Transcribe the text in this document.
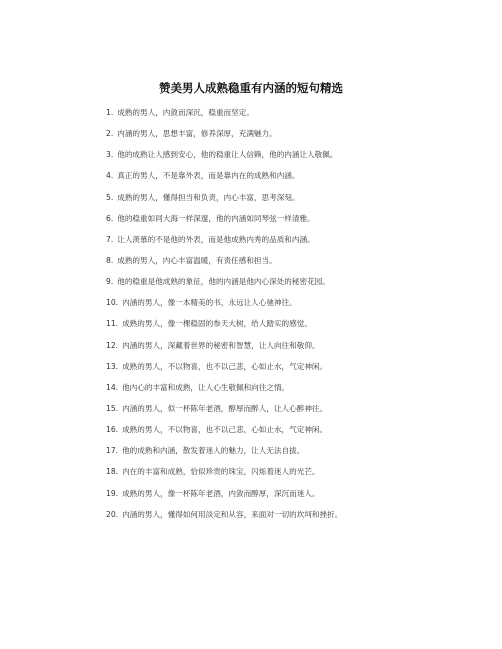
赞美男人成熟稳重有内涵的短句精选
1. 成熟的男人，内敛而深沉，稳重而坚定。
2. 内涵的男人，思想丰富，修养深厚，充满魅力。
3. 他的成熟让人感到安心，他的稳重让人信赖，他的内涵让人敬佩。
4. 真正的男人，不是靠外表，而是靠内在的成熟和内涵。
5. 成熟的男人，懂得担当和负责，内心丰富，思考深刻。
6. 他的稳重如同大海一样深邃，他的内涵如同琴弦一样清雅。
7. 让人羡慕的不是他的外表，而是他成熟内秀的品质和内涵。
8. 成熟的男人，内心丰富温暖，有责任感和担当。
9. 他的稳重是他成熟的象征，他的内涵是他内心深处的秘密花园。
10. 内涵的男人，像一本精美的书，永远让人心驰神往。
11. 成熟的男人，像一棵稳固的参天大树，给人踏实的感觉。
12. 内涵的男人，深藏着世界的秘密和智慧，让人向往和敬仰。
13. 成熟的男人，不以物喜，也不以己悲，心如止水，气定神闲。
14. 他内心的丰富和成熟，让人心生敬佩和向往之情。
15. 内涵的男人，似一杯陈年老酒，醇厚而醉人，让人心醉神往。
16. 成熟的男人，不以物喜，也不以己悲，心如止水，气定神闲。
17. 他的成熟和内涵，散发着迷人的魅力，让人无法自拔。
18. 内在的丰富和成熟，恰似珍贵的珠宝，闪烁着迷人的光芒。
19. 成熟的男人，像一杯陈年老酒，内敛而醇厚，深沉而迷人。
20. 内涵的男人，懂得如何用淡定和从容，来面对一切的坎坷和挫折。
